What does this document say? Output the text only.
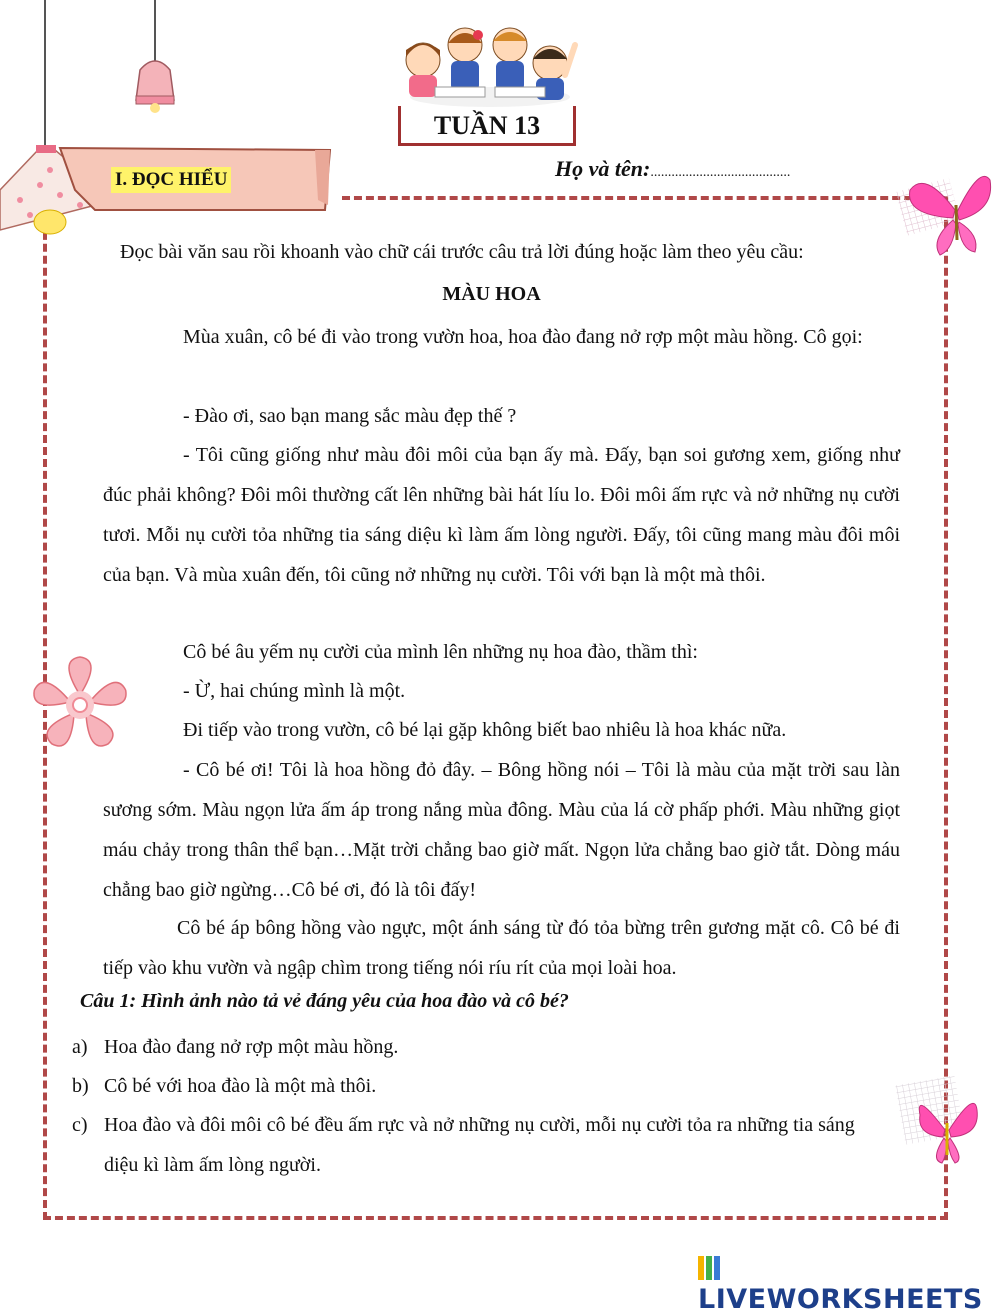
I. ĐỌC HIỂU
TUẦN 13
Họ và tên:........................................
Đọc bài văn sau rồi khoanh vào chữ cái trước câu trả lời đúng hoặc làm theo yêu cầu:
MÀU HOA
Mùa xuân, cô bé đi vào trong vườn hoa, hoa đào đang nở rợp một màu hồng. Cô gọi:
- Đào ơi, sao bạn mang sắc màu đẹp thế ?
- Tôi cũng giống như màu đôi môi của bạn ấy mà. Đấy, bạn soi gương xem, giống như đúc phải không? Đôi môi thường cất lên những bài hát líu lo. Đôi môi ấm rực và nở những nụ cười tươi. Mỗi nụ cười tỏa những tia sáng diệu kì làm ấm lòng người. Đấy, tôi cũng mang màu đôi môi của bạn. Và mùa xuân đến, tôi cũng nở những nụ cười. Tôi với bạn là một mà thôi.
Cô bé âu yếm nụ cười của mình lên những nụ hoa đào, thầm thì:
- Ừ, hai chúng mình là một.
Đi tiếp vào trong vườn, cô bé lại gặp không biết bao nhiêu là hoa khác nữa.
- Cô bé ơi! Tôi là hoa hồng đỏ đây. – Bông hồng nói – Tôi là màu của mặt trời sau làn sương sớm. Màu ngọn lửa ấm áp trong nắng mùa đông. Màu của lá cờ phấp phới. Màu những giọt máu chảy trong thân thể bạn…Mặt trời chẳng bao giờ mất. Ngọn lửa chẳng bao giờ tắt. Dòng máu chẳng bao giờ ngừng…Cô bé ơi, đó là tôi đấy!
Cô bé áp bông hồng vào ngực, một ánh sáng từ đó tỏa bừng trên gương mặt cô. Cô bé đi tiếp vào khu vườn và ngập chìm trong tiếng nói ríu rít của mọi loài hoa.
Câu 1: Hình ảnh nào tả vẻ đáng yêu của hoa đào và cô bé?
a) Hoa đào đang nở rợp một màu hồng.
b) Cô bé với hoa đào là một mà thôi.
c) Hoa đào và đôi môi cô bé đều ấm rực và nở những nụ cười, mỗi nụ cười tỏa ra những tia sáng diệu kì làm ấm lòng người.
LIVEWORKSHEETS
